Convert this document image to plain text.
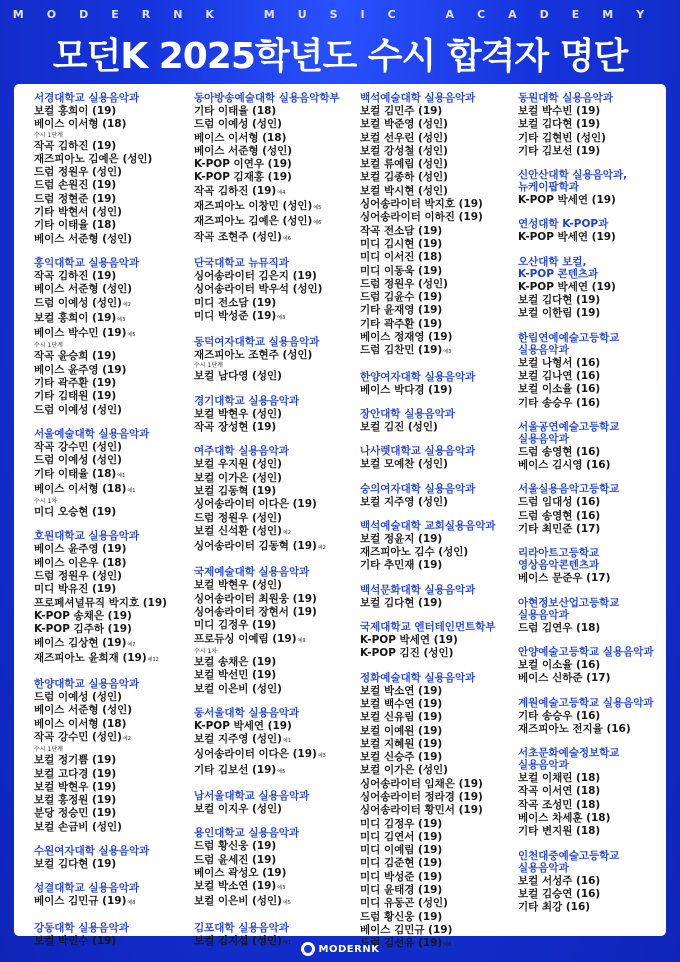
MODERNK MUSIC ACADEMY
모던K 2025학년도 수시 합격자 명단
서경대학교 실용음악과
보컬 홍희이 (19)
베이스 이서형 (18)
수시 1단계
작곡 김하진 (19)
재즈피아노 김예은 (성인)
드럼 정원우 (성인)
드럼 손원진 (19)
드럼 정현준 (19)
기타 박현서 (성인)
기타 이태율 (18)
베이스 서준형 (성인)
홍익대학교 실용음악과
작곡 김하진 (19)
베이스 서준형 (성인)
드럼 이예성 (성인)예2
보컬 홍희이 (19)예3
베이스 박수민 (19)예5
수시 1단계
작곡 윤승희 (19)
베이스 윤주영 (19)
기타 곽주환 (19)
기타 김태원 (19)
드럼 이예성 (성인)
서울예술대학 실용음악과
작곡 강수민 (성인)
드럼 이예성 (성인)
기타 이태율 (18)예1
베이스 이서형 (18)예1
수시 1차
미디 오승현 (19)
호원대학교 실용음악과
베이스 윤주영 (19)
베이스 이은우 (18)
드럼 정원우 (성인)
미디 박유진 (19)
프로페셔널뮤직 박지호 (19)
K-POP 송채은 (19)
K-POP 김주하 (19)
베이스 김상현 (19)예7
재즈피아노 윤희재 (19)예12
한양대학교 실용음악과
드럼 이예성 (성인)
베이스 서준형 (성인)
베이스 이서형 (18)
작곡 강수민 (성인)예2
수시 1단계
보컬 정기쁨 (19)
보컬 고다경 (19)
보컬 박현우 (19)
보컬 홍정원 (19)
분당 정승민 (19)
보컬 손금비 (성인)
수원여자대학 실용음악과
보컬 김다현 (19)
성결대학교 실용음악과
베이스 김민규 (19)예8
강동대학 실용음악과
보컬 박민수 (19)
동아방송예술대학 실용음악학부
기타 이태율 (18)
드럼 이예성 (성인)
베이스 이서형 (18)
베이스 서준형 (성인)
K-POP 이연우 (19)
K-POP 김재홍 (19)
작곡 김하진 (19)예4
재즈피아노 이창민 (성인)예5
재즈피아노 김예은 (성인)예6
작곡 조현주 (성인)예6
단국대학교 뉴뮤직과
싱어송라이터 김은지 (19)
싱어송라이터 박우석 (성인)
미디 전소담 (19)
미디 박성준 (19)예3
동덕여자대학교 실용음악과
재즈피아노 조현주 (성인)
수시 1단계
보컬 남다영 (성인)
경기대학교 실용음악과
보컬 박현우 (성인)
작곡 장성현 (19)
여주대학 실용음악과
보컬 우지원 (성인)
보컬 이가은 (성인)
보컬 김동혁 (19)
싱어송라이터 이다은 (19)
드럼 정원우 (성인)
보컬 신석환 (성인)예2
싱어송라이터 김동혁 (19)예2
국제예술대학 실용음악과
보컬 박현우 (성인)
싱어송라이터 최원웅 (19)
싱어송라이터 장현서 (19)
미디 김정우 (19)
프로듀싱 이예림 (19)예9
수시 1차
보컬 송채은 (19)
보컬 박선민 (19)
보컬 이은비 (성인)
동서울대학 실용음악과
K-POP 박세연 (19)
보컬 지주영 (성인)예1
싱어송라이터 이다은 (19)예3
기타 김보선 (19)예5
남서울대학교 실용음악과
보컬 이지우 (성인)
용인대학교 실용음악과
드럼 황신웅 (19)
드럼 윤세진 (19)
베이스 곽성오 (19)
보컬 박소연 (19)예3
보컬 이은비 (성인)예5
김포대학 실용음악과
보컬 김지섭 (성인)예1
백석예술대학 실용음악과
보컬 김민주 (19)
보컬 박준영 (성인)
보컬 선우린 (성인)
보컬 강성철 (성인)
보컬 류예림 (성인)
보컬 김종하 (성인)
보컬 박시현 (성인)
싱어송라이터 박지호 (19)
싱어송라이터 이하진 (19)
작곡 전소담 (19)
미디 김시현 (19)
미디 이서진 (18)
미디 이동욱 (19)
드럼 정원우 (성인)
드럼 김윤수 (19)
기타 윤재영 (19)
기타 곽주환 (19)
베이스 정재영 (19)
드럼 김찬민 (19)예3
한양여자대학 실용음악과
베이스 박다경 (19)
장안대학 실용음악과
보컬 김진 (성인)
나사렛대학교 실용음악과
보컬 모예찬 (성인)
숭의여자대학 실용음악과
보컬 지주영 (성인)
백석예술대학 교회실용음악과
보컬 정윤지 (19)
재즈피아노 김수 (성인)
기타 추민재 (19)
백석문화대학 실용음악과
보컬 김다현 (19)
국제대학교 엔터테인먼트학부
K-POP 박세연 (19)
K-POP 김진 (성인)
정화예술대학 실용음악과
보컬 박소연 (19)
보컬 백수연 (19)
보컬 신유림 (19)
보컬 이예원 (19)
보컬 지혜원 (19)
보컬 신승주 (19)
보컬 이가은 (성인)
싱어송라이터 임채은 (19)
싱어송라이터 정라경 (19)
싱어송라이터 황민서 (19)
미디 김정우 (19)
미디 김연서 (19)
미디 이예림 (19)
미디 김준현 (19)
미디 박성준 (19)
미디 윤태경 (19)
미디 유동곤 (성인)
드럼 황신웅 (19)
베이스 김민규 (19)
드럼 김선유 (19)예8
동원대학 실용음악과
보컬 박수빈 (19)
보컬 김다현 (19)
기타 김현빈 (성인)
기타 김보선 (19)
신안산대학 실용음악과,
뉴케이팝학과
K-POP 박세연 (19)
연성대학 K-POP과
K-POP 박세연 (19)
오산대학 보컬,
K-POP 콘텐츠과
K-POP 박세연 (19)
보컬 김다현 (19)
보컬 이한림 (19)
한림연예예술고등학교
실용음악과
보컬 나형서 (16)
보컬 김나연 (16)
보컬 이소율 (16)
기타 송승우 (16)
서울공연예술고등학교
실용음악과
드럼 송영현 (16)
베이스 김시영 (16)
서울실용음악고등학교
드럼 임대성 (16)
드럼 송영현 (16)
기타 최민준 (17)
리라아트고등학교
영상음악콘텐츠과
베이스 문준우 (17)
아현정보산업고등학교
실용음악과
드럼 김연우 (18)
안양예술고등학교 실용음악과
보컬 이소율 (16)
베이스 신하준 (17)
계원예술고등학교 실용음악과
기타 송승우 (16)
재즈피아노 전지율 (16)
서초문화예술정보학교
실용음악과
보컬 이채린 (18)
작곡 이서연 (18)
작곡 조성민 (18)
베이스 차세훈 (18)
기타 변지원 (18)
인천대중예술고등학교
실용음악과
보컬 서성주 (16)
보컬 김승연 (16)
기타 최강 (16)
MODERNK
